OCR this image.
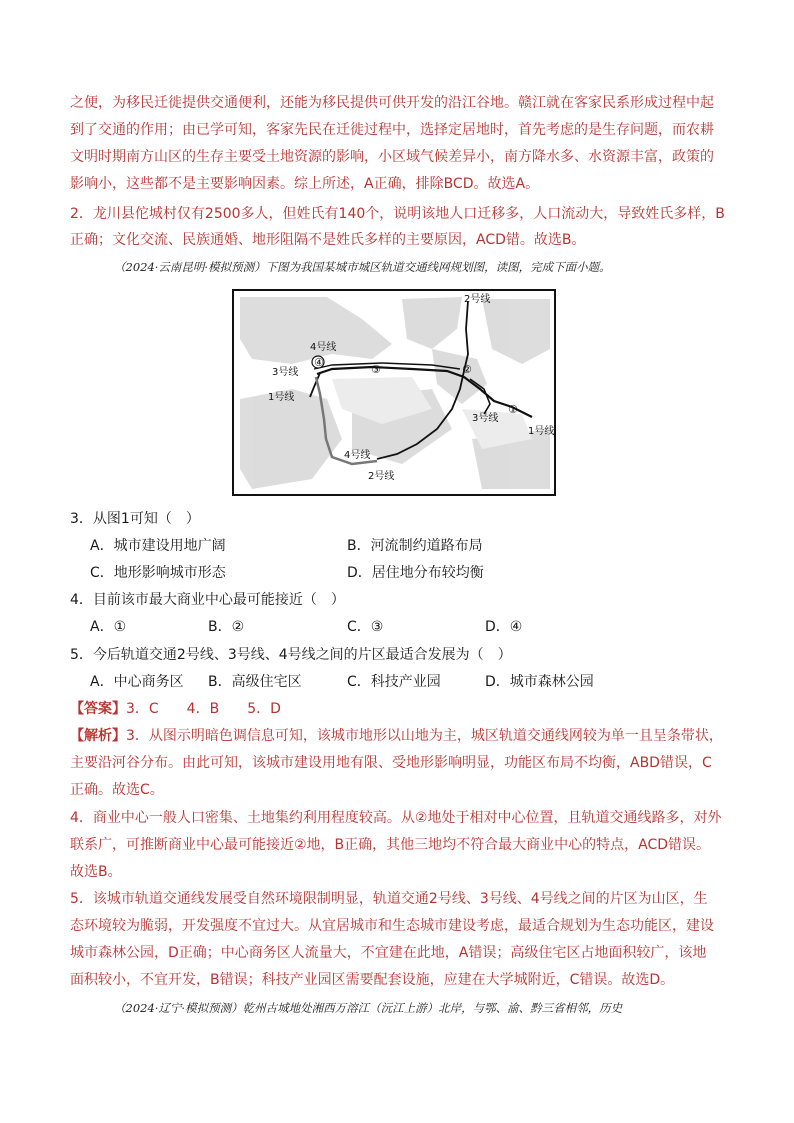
之便，为移民迁徙提供交通便利，还能为移民提供可供开发的沿江谷地。赣江就在客家民系形成过程中起
到了交通的作用；由已学可知，客家先民在迁徙过程中，选择定居地时，首先考虑的是生存问题，而农耕
文明时期南方山区的生存主要受土地资源的影响，小区域气候差异小，南方降水多、水资源丰富，政策的
影响小，这些都不是主要影响因素。综上所述，A正确，排除BCD。故选A。
2．龙川县佗城村仅有2500多人，但姓氏有140个，说明该地人口迁移多，人口流动大，导致姓氏多样，B
正确；文化交流、民族通婚、地形阻隔不是姓氏多样的主要原因，ACD错。故选B。
（2024·云南昆明·模拟预测）下图为我国某城市城区轨道交通线网规划图，读图，完成下面小题。
④
③	②
①
2号线
4号线
3号线
1号线
3号线
1号线
4号线
2号线
3．从图1可知（　）
A．城市建设用地广阔	B．河流制约道路布局
C．地形影响城市形态	D．居住地分布较均衡
4．目前该市最大商业中心最可能接近（　）
A．①	B．②	C．③	D．④
5．今后轨道交通2号线、3号线、4号线之间的片区最适合发展为（　）
A．中心商务区 B．高级住宅区	C．科技产业园	D．城市森林公园
【答案】3．C　　4．B　　5．D
【解析】3．从图示明暗色调信息可知，该城市地形以山地为主，城区轨道交通线网较为单一且呈条带状，
主要沿河谷分布。由此可知，该城市建设用地有限、受地形影响明显，功能区布局不均衡，ABD错误，C
正确。故选C。
4．商业中心一般人口密集、土地集约利用程度较高。从②地处于相对中心位置，且轨道交通线路多，对外
联系广，可推断商业中心最可能接近②地，B正确，其他三地均不符合最大商业中心的特点，ACD错误。
故选B。
5．该城市轨道交通线发展受自然环境限制明显，轨道交通2号线、3号线、4号线之间的片区为山区，生
态环境较为脆弱，开发强度不宜过大。从宜居城市和生态城市建设考虑，最适合规划为生态功能区，建设
城市森林公园，D正确；中心商务区人流量大，不宜建在此地，A错误；高级住宅区占地面积较广，该地
面积较小，不宜开发，B错误；科技产业园区需要配套设施，应建在大学城附近，C错误。故选D。
（2024·辽宁·模拟预测）乾州古城地处湘西万溶江（沅江上游）北岸，与鄂、渝、黔三省相邻，历史
